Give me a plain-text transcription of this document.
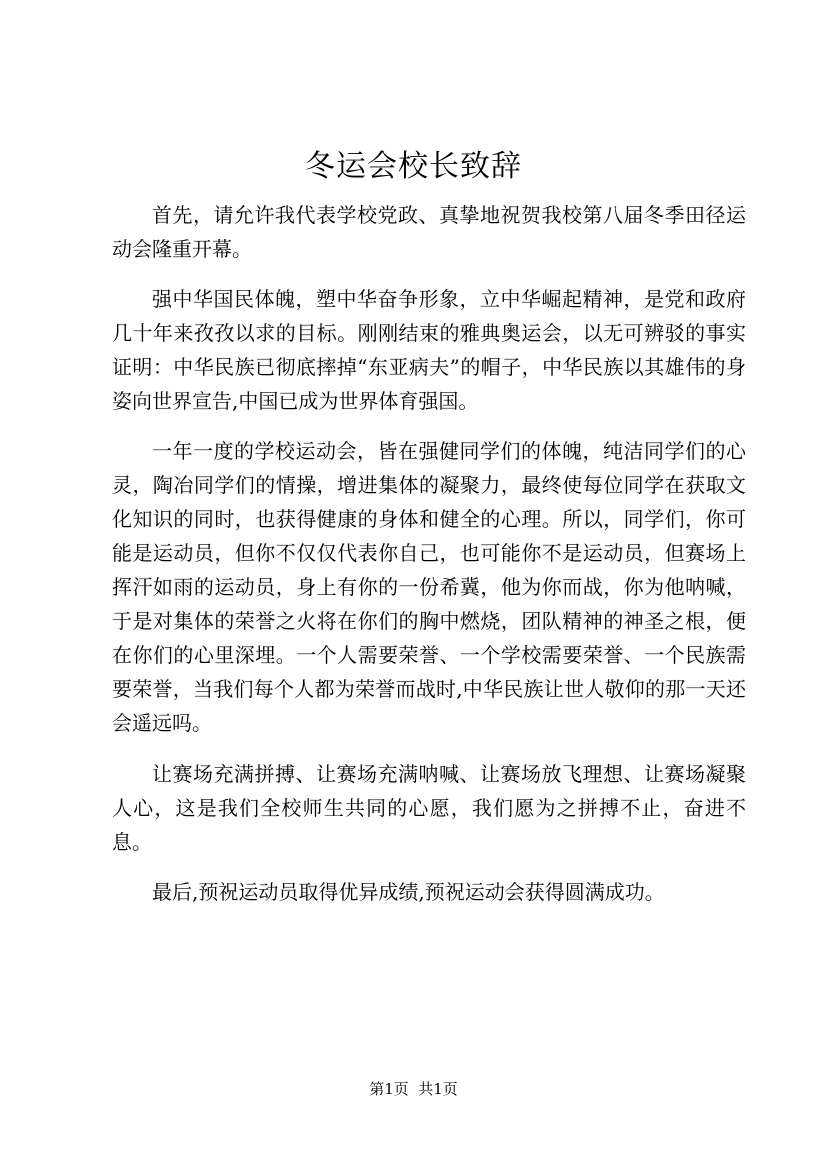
冬运会校长致辞

首先，请允许我代表学校党政、真挚地祝贺我校第八届冬季田径运动会隆重开幕。

强中华国民体魄，塑中华奋争形象，立中华崛起精神，是党和政府几十年来孜孜以求的目标。刚刚结束的雅典奥运会，以无可辨驳的事实证明：中华民族已彻底摔掉“东亚病夫”的帽子，中华民族以其雄伟的身姿向世界宣告,中国已成为世界体育强国。

一年一度的学校运动会，皆在强健同学们的体魄，纯洁同学们的心灵，陶冶同学们的情操，增进集体的凝聚力，最终使每位同学在获取文化知识的同时，也获得健康的身体和健全的心理。所以，同学们，你可能是运动员，但你不仅仅代表你自己，也可能你不是运动员，但赛场上挥汗如雨的运动员，身上有你的一份希冀，他为你而战，你为他呐喊，于是对集体的荣誉之火将在你们的胸中燃烧，团队精神的神圣之根，便在你们的心里深埋。一个人需要荣誉、一个学校需要荣誉、一个民族需要荣誉，当我们每个人都为荣誉而战时,中华民族让世人敬仰的那一天还会遥远吗。

让赛场充满拼搏、让赛场充满呐喊、让赛场放飞理想、让赛场凝聚人心，这是我们全校师生共同的心愿，我们愿为之拼搏不止，奋进不息。

最后,预祝运动员取得优异成绩,预祝运动会获得圆满成功。

第1页  共1页
